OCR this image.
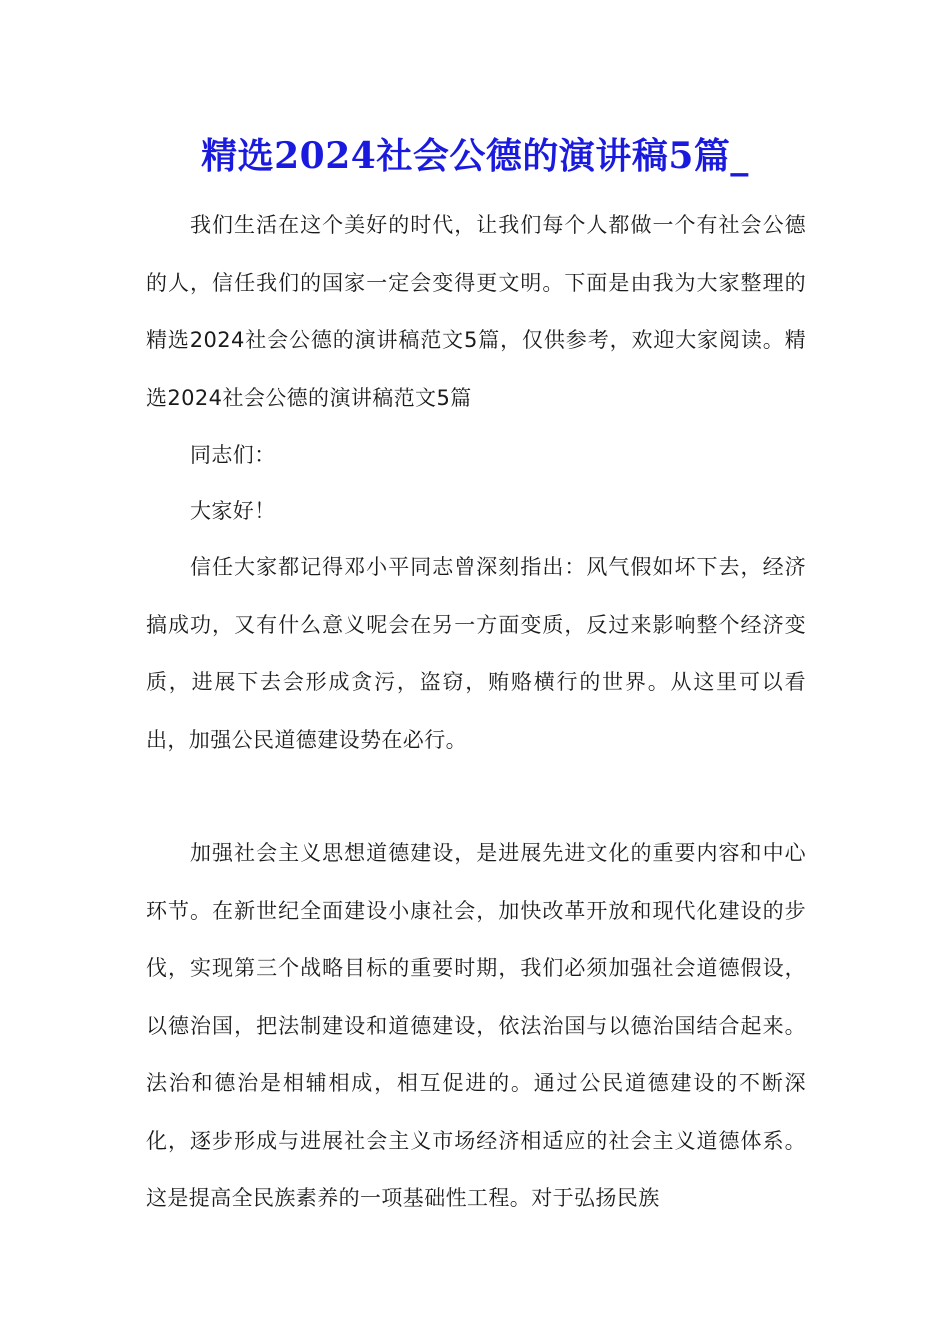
精选2024社会公德的演讲稿5篇_

我们生活在这个美好的时代，让我们每个人都做一个有社会公德的人，信任我们的国家一定会变得更文明。下面是由我为大家整理的精选2024社会公德的演讲稿范文5篇，仅供参考，欢迎大家阅读。精选2024社会公德的演讲稿范文5篇

同志们：

大家好！

信任大家都记得邓小平同志曾深刻指出：风气假如坏下去，经济搞成功，又有什么意义呢会在另一方面变质，反过来影响整个经济变质，进展下去会形成贪污，盗窃，贿赂横行的世界。从这里可以看出，加强公民道德建设势在必行。

加强社会主义思想道德建设，是进展先进文化的重要内容和中心环节。在新世纪全面建设小康社会，加快改革开放和现代化建设的步伐，实现第三个战略目标的重要时期，我们必须加强社会道德假设，以德治国，把法制建设和道德建设，依法治国与以德治国结合起来。法治和德治是相辅相成，相互促进的。通过公民道德建设的不断深化，逐步形成与进展社会主义市场经济相适应的社会主义道德体系。这是提高全民族素养的一项基础性工程。对于弘扬民族
